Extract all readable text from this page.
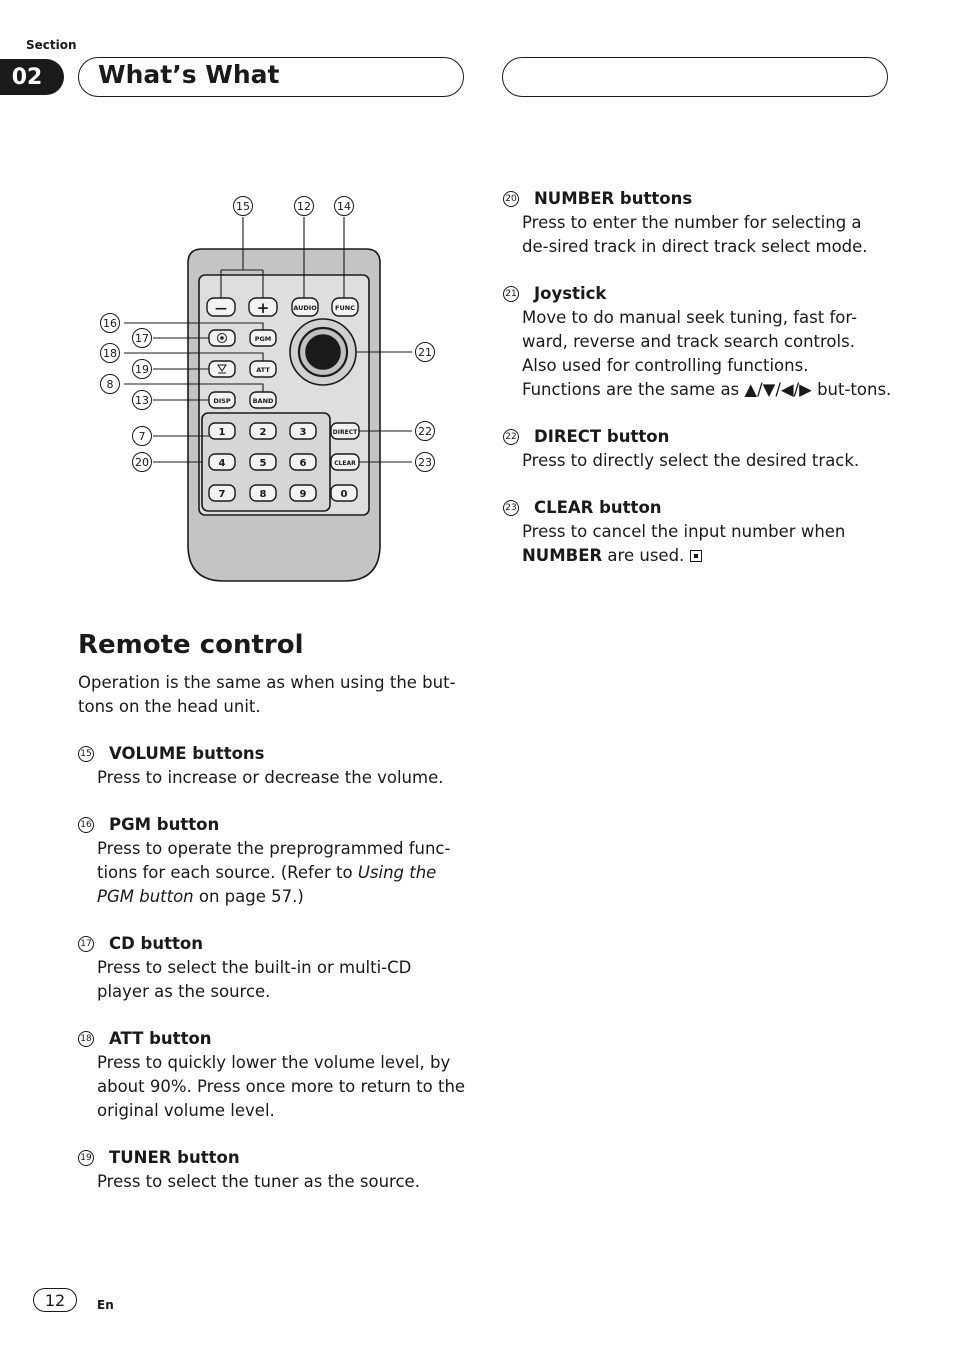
Section
02	What’s What
— +	AUDIO	FUNC
PGM
ATT
DISP	BAND
DIRECT
CLEAR
1	2	3
4	5	6
7	8	9	0
15	12 14
16
17
18
19
8
13
21
7	22
20	23
Remote control
Operation is the same as when using the but-tons on the head unit.
15 VOLUME buttons
Press to increase or decrease the volume.
16 PGM button
Press to operate the preprogrammed func-tions for each source. (Refer to Using the PGM button on page 57.)
17 CD button
Press to select the built-in or multi-CD player as the source.
18 ATT button
Press to quickly lower the volume level, by about 90%. Press once more to return to the original volume level.
19 TUNER button
Press to select the tuner as the source.
20 NUMBER buttons
Press to enter the number for selecting a de-sired track in direct track select mode.
21 Joystick
Move to do manual seek tuning, fast for-ward, reverse and track search controls.
Also used for controlling functions.
Functions are the same as ▲/▼/◀/▶ but-tons.
22 DIRECT button
Press to directly select the desired track.
23 CLEAR button
Press to cancel the input number when NUMBER are used.
12	En
